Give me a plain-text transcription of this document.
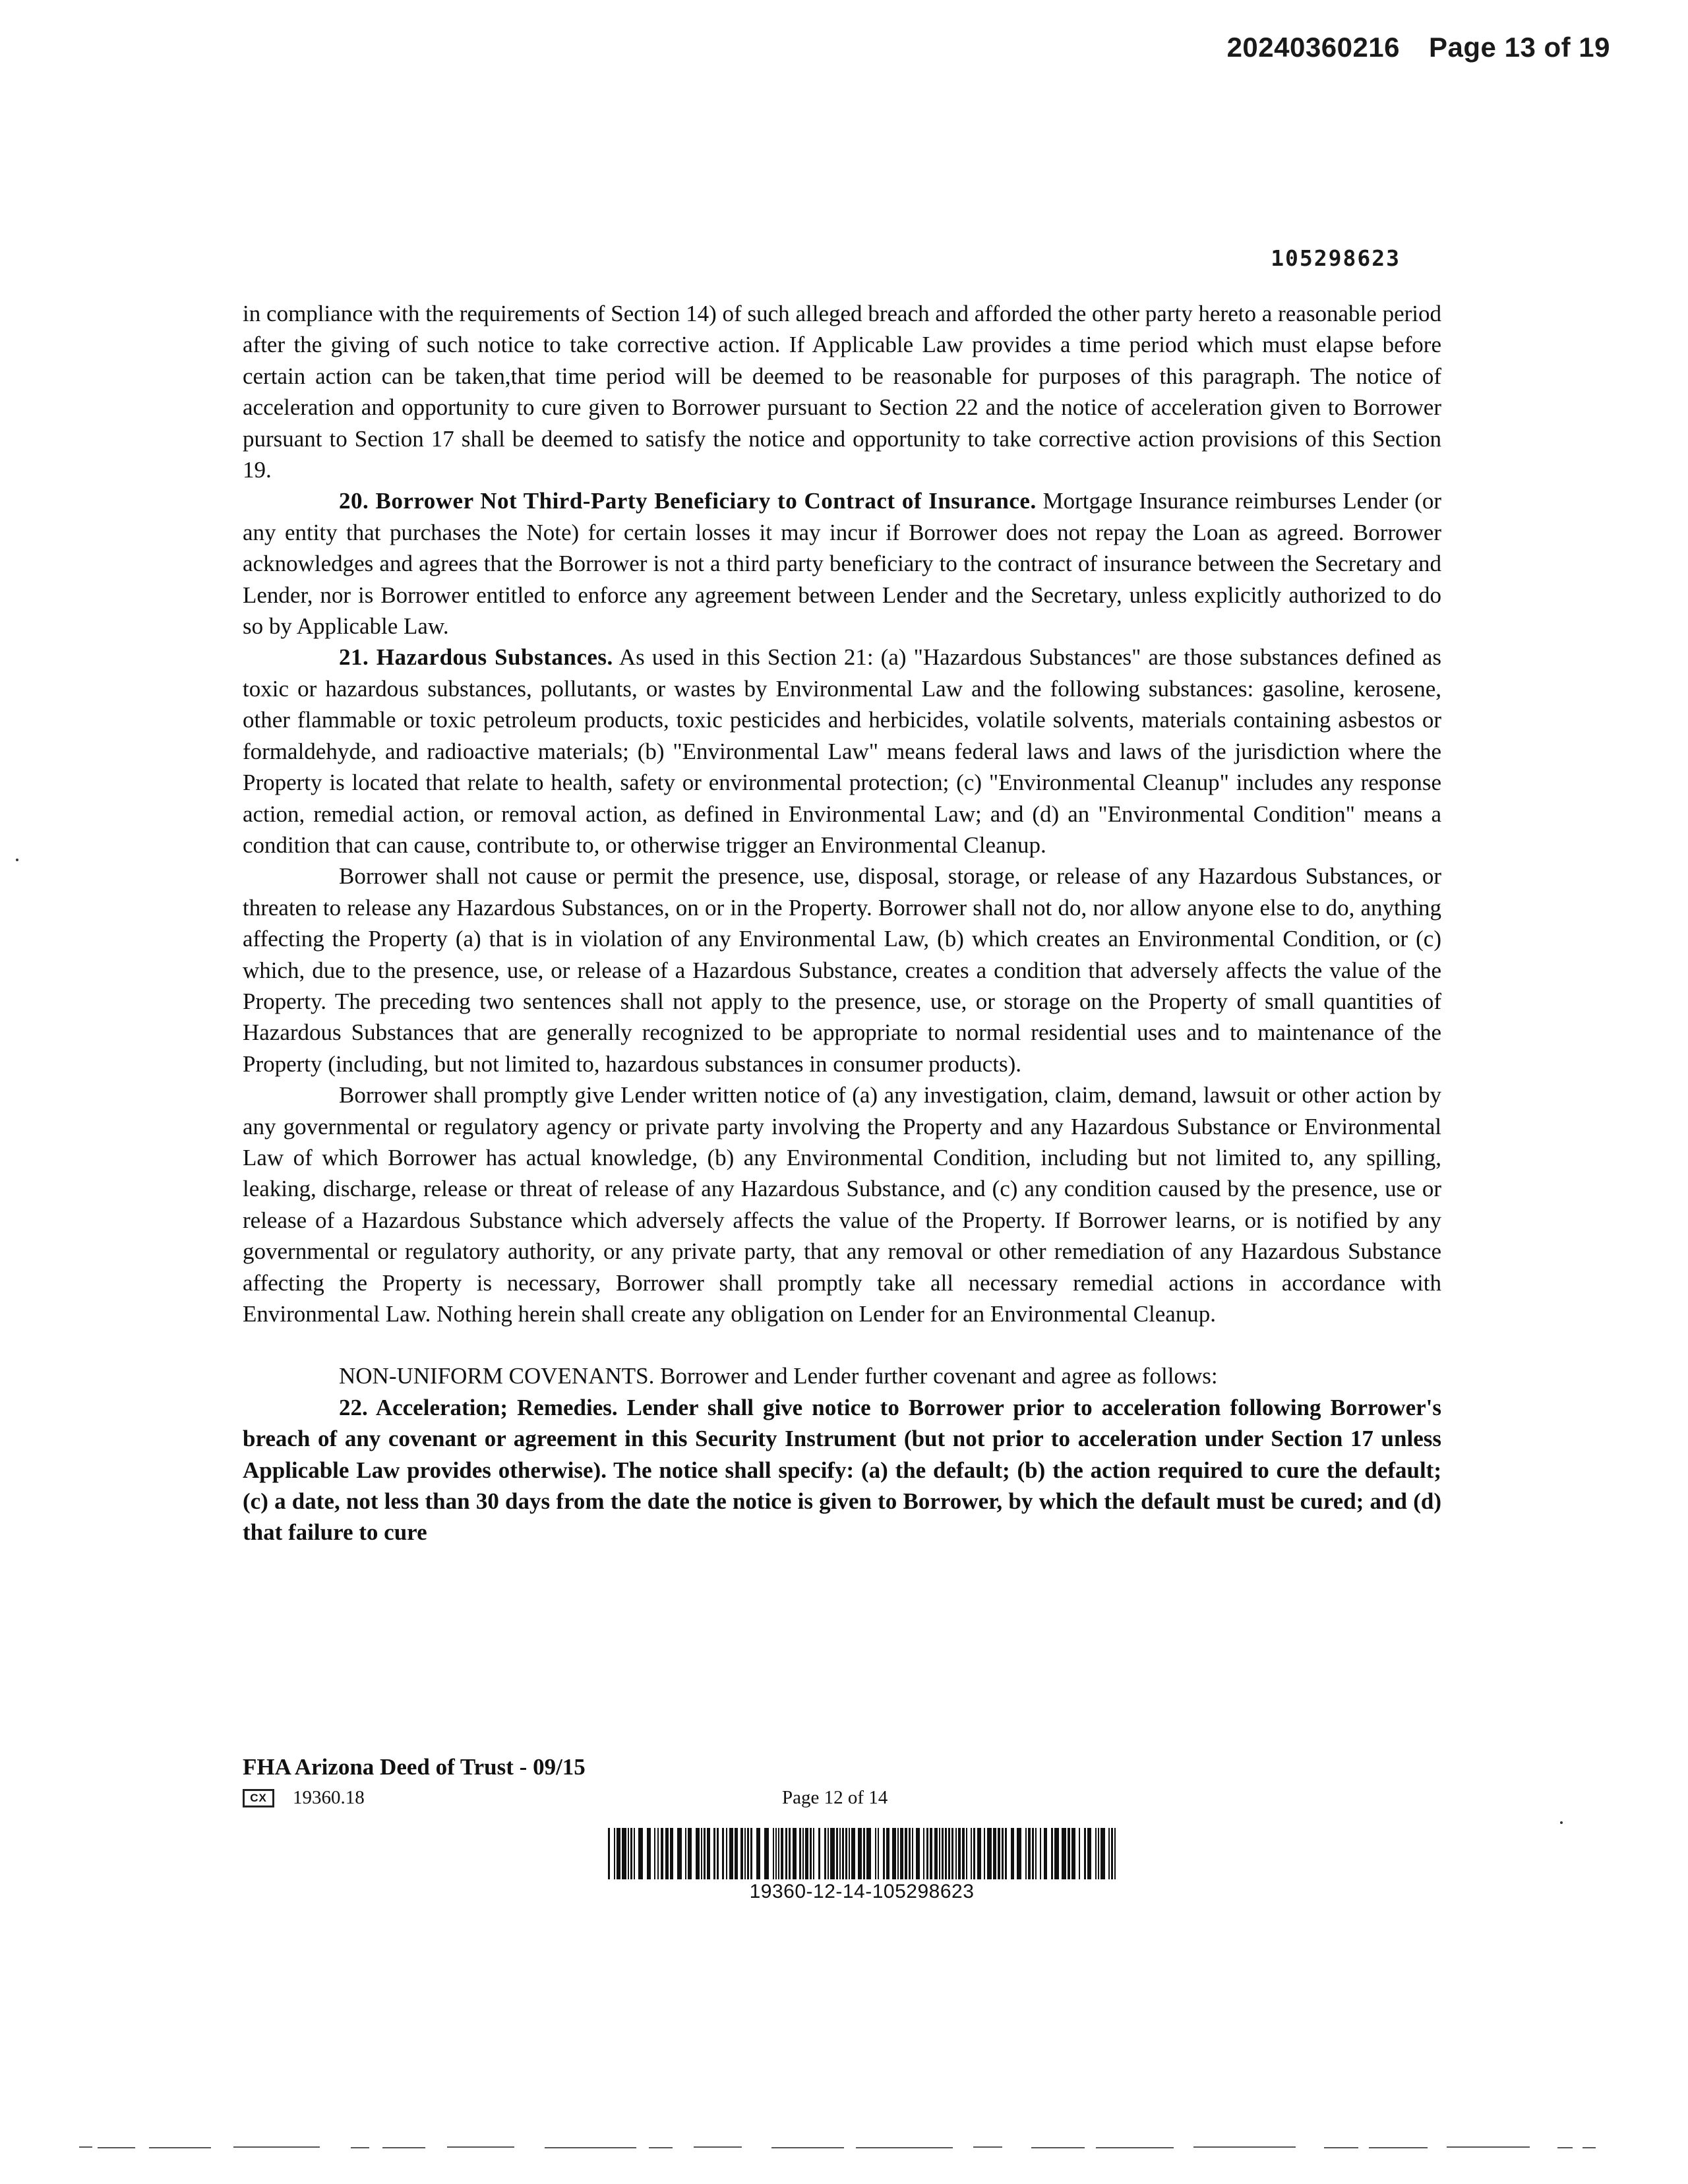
20240360216 Page 13 of 19
105298623

in compliance with the requirements of Section 14) of such alleged breach and afforded the other party hereto a reasonable period after the giving of such notice to take corrective action. If Applicable Law provides a time period which must elapse before certain action can be taken,that time period will be deemed to be reasonable for purposes of this paragraph. The notice of acceleration and opportunity to cure given to Borrower pursuant to Section 22 and the notice of acceleration given to Borrower pursuant to Section 17 shall be deemed to satisfy the notice and opportunity to take corrective action provisions of this Section 19.

20. Borrower Not Third-Party Beneficiary to Contract of Insurance. Mortgage Insurance reimburses Lender (or any entity that purchases the Note) for certain losses it may incur if Borrower does not repay the Loan as agreed. Borrower acknowledges and agrees that the Borrower is not a third party beneficiary to the contract of insurance between the Secretary and Lender, nor is Borrower entitled to enforce any agreement between Lender and the Secretary, unless explicitly authorized to do so by Applicable Law.

21. Hazardous Substances. As used in this Section 21: (a) "Hazardous Substances" are those substances defined as toxic or hazardous substances, pollutants, or wastes by Environmental Law and the following substances: gasoline, kerosene, other flammable or toxic petroleum products, toxic pesticides and herbicides, volatile solvents, materials containing asbestos or formaldehyde, and radioactive materials; (b) "Environmental Law" means federal laws and laws of the jurisdiction where the Property is located that relate to health, safety or environmental protection; (c) "Environmental Cleanup" includes any response action, remedial action, or removal action, as defined in Environmental Law; and (d) an "Environmental Condition" means a condition that can cause, contribute to, or otherwise trigger an Environmental Cleanup.

Borrower shall not cause or permit the presence, use, disposal, storage, or release of any Hazardous Substances, or threaten to release any Hazardous Substances, on or in the Property. Borrower shall not do, nor allow anyone else to do, anything affecting the Property (a) that is in violation of any Environmental Law, (b) which creates an Environmental Condition, or (c) which, due to the presence, use, or release of a Hazardous Substance, creates a condition that adversely affects the value of the Property. The preceding two sentences shall not apply to the presence, use, or storage on the Property of small quantities of Hazardous Substances that are generally recognized to be appropriate to normal residential uses and to maintenance of the Property (including, but not limited to, hazardous substances in consumer products).

Borrower shall promptly give Lender written notice of (a) any investigation, claim, demand, lawsuit or other action by any governmental or regulatory agency or private party involving the Property and any Hazardous Substance or Environmental Law of which Borrower has actual knowledge, (b) any Environmental Condition, including but not limited to, any spilling, leaking, discharge, release or threat of release of any Hazardous Substance, and (c) any condition caused by the presence, use or release of a Hazardous Substance which adversely affects the value of the Property. If Borrower learns, or is notified by any governmental or regulatory authority, or any private party, that any removal or other remediation of any Hazardous Substance affecting the Property is necessary, Borrower shall promptly take all necessary remedial actions in accordance with Environmental Law. Nothing herein shall create any obligation on Lender for an Environmental Cleanup.

NON-UNIFORM COVENANTS. Borrower and Lender further covenant and agree as follows:

22. Acceleration; Remedies. Lender shall give notice to Borrower prior to acceleration following Borrower's breach of any covenant or agreement in this Security Instrument (but not prior to acceleration under Section 17 unless Applicable Law provides otherwise). The notice shall specify: (a) the default; (b) the action required to cure the default; (c) a date, not less than 30 days from the date the notice is given to Borrower, by which the default must be cured; and (d) that failure to cure

FHA Arizona Deed of Trust - 09/15
CX	19360.18	Page 12 of 14
19360-12-14-105298623
